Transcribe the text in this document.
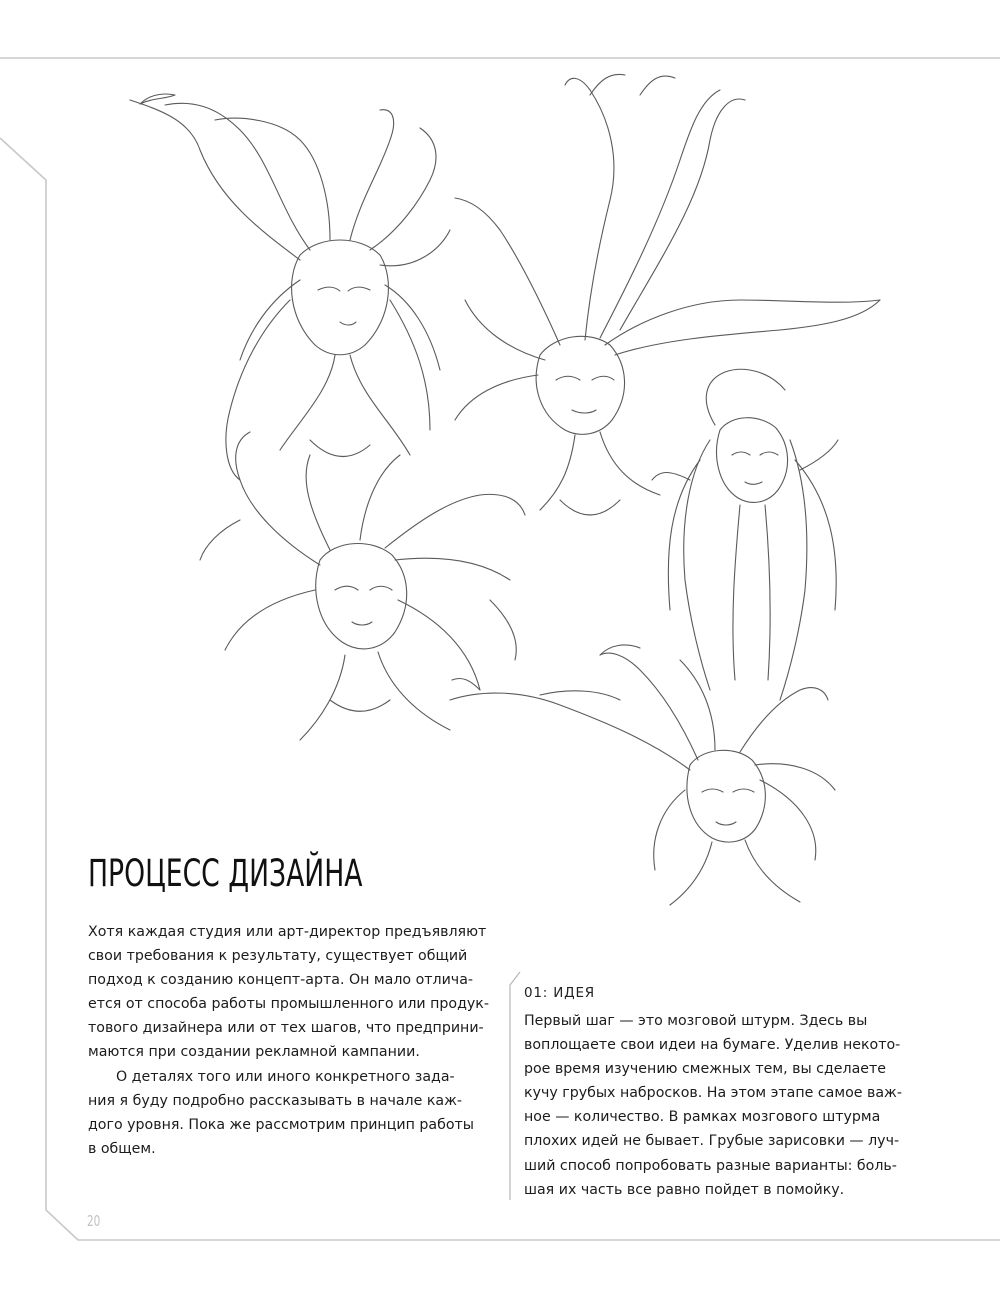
ПРОЦЕСС ДИЗАЙНА
Хотя каждая студия или арт-директор предъявляют
свои требования к результату, существует общий
подход к созданию концепт-арта. Он мало отлича-
ется от способа работы промышленного или продук-
тового дизайнера или от тех шагов, что предприни-
маются при создании рекламной кампании.
О деталях того или иного конкретного зада-
ния я буду подробно рассказывать в начале каж-
дого уровня. Пока же рассмотрим принцип работы
в общем.
01: ИДЕЯ
Первый шаг — это мозговой штурм. Здесь вы
воплощаете свои идеи на бумаге. Уделив некото-
рое время изучению смежных тем, вы сделаете
кучу грубых набросков. На этом этапе самое важ-
ное — количество. В рамках мозгового штурма
плохих идей не бывает. Грубые зарисовки — луч-
ший способ попробовать разные варианты: боль-
шая их часть все равно пойдет в помойку.
20
